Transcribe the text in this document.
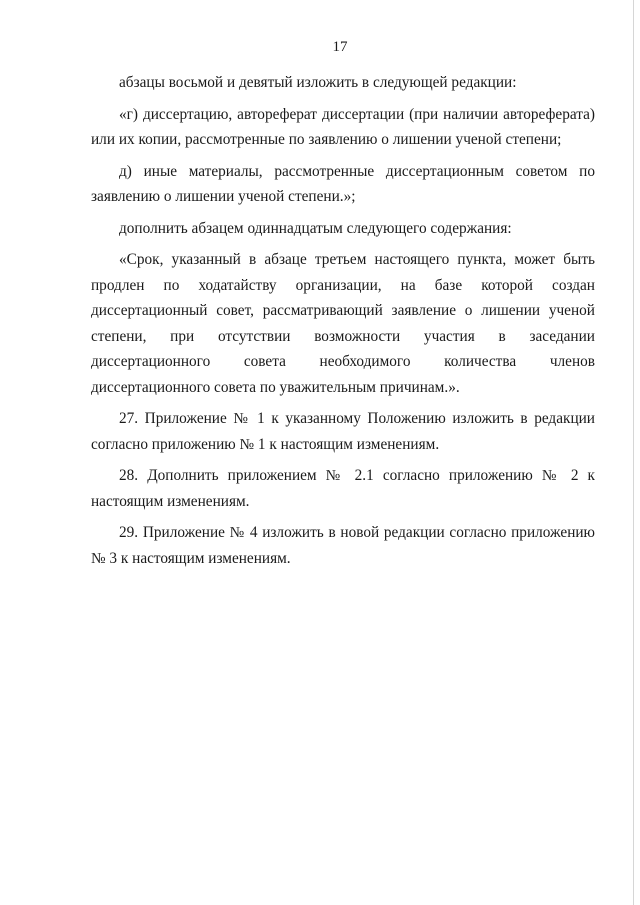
17

абзацы восьмой и девятый изложить в следующей редакции:

«г) диссертацию, автореферат диссертации (при наличии автореферата) или их копии, рассмотренные по заявлению о лишении ученой степени;

д) иные материалы, рассмотренные диссертационным советом по заявлению о лишении ученой степени.»;

дополнить абзацем одиннадцатым следующего содержания:

«Срок, указанный в абзаце третьем настоящего пункта, может быть продлен по ходатайству организации, на базе которой создан диссертационный совет, рассматривающий заявление о лишении ученой степени, при отсутствии возможности участия в заседании диссертационного совета необходимого количества членов диссертационного совета по уважительным причинам.».

27. Приложение № 1 к указанному Положению изложить в редакции согласно приложению № 1 к настоящим изменениям.

28. Дополнить приложением № 2.1 согласно приложению № 2 к настоящим изменениям.

29. Приложение № 4 изложить в новой редакции согласно приложению № 3 к настоящим изменениям.
